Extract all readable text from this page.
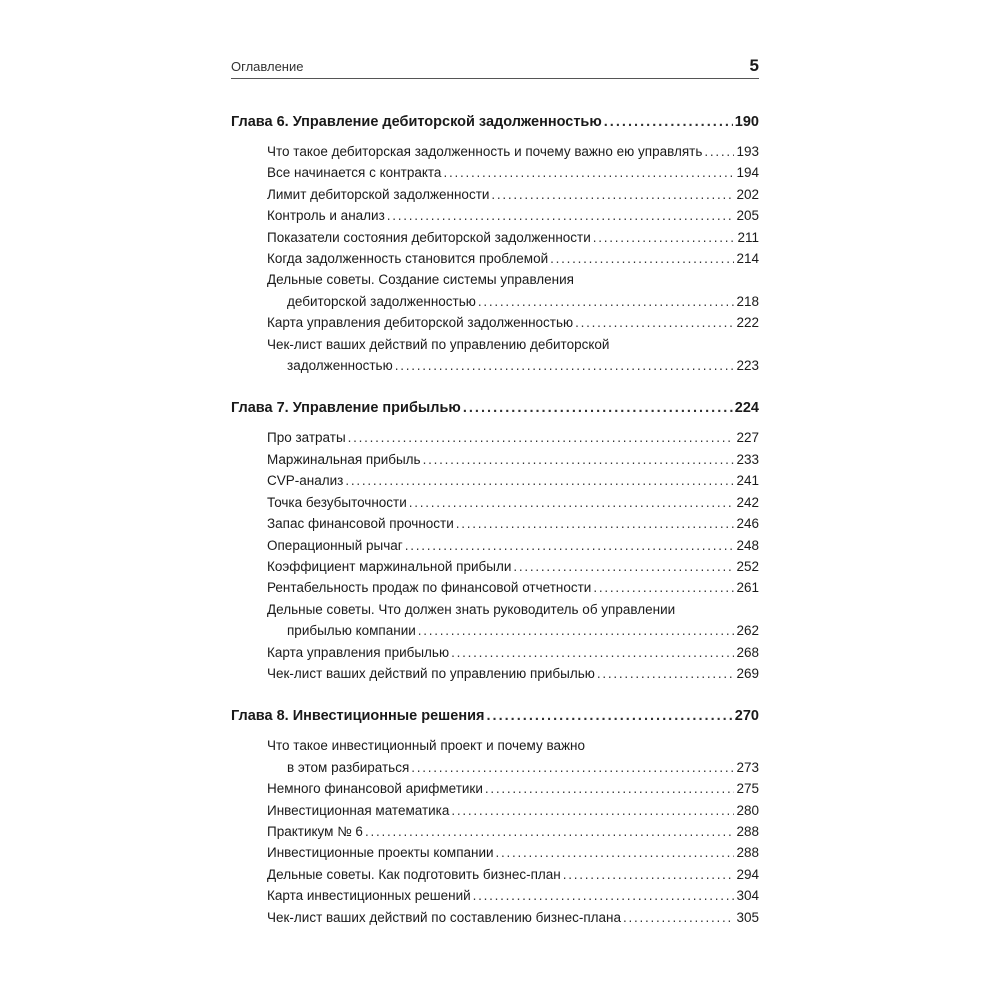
Оглавление	5
Глава 6. Управление дебиторской задолженностью . . .	190
Что такое дебиторская задолженность и почему важно ею управлять . . .	193
Все начинается с контракта . . .	194
Лимит дебиторской задолженности . . .	202
Контроль и анализ . . .	205
Показатели состояния дебиторской задолженности . . .	211
Когда задолженность становится проблемой . . .	214
Дельные советы. Создание системы управления
дебиторской задолженностью . . .	218
Карта управления дебиторской задолженностью . . .	222
Чек-лист ваших действий по управлению дебиторской
задолженностью . . .	223
Глава 7. Управление прибылью . . .	224
Про затраты . . .	227
Маржинальная прибыль . . .	233
CVP-анализ . . .	241
Точка безубыточности . . .	242
Запас финансовой прочности . . .	246
Операционный рычаг . . .	248
Коэффициент маржинальной прибыли . . .	252
Рентабельность продаж по финансовой отчетности . . .	261
Дельные советы. Что должен знать руководитель об управлении
прибылью компании . . .	262
Карта управления прибылью . . .	268
Чек-лист ваших действий по управлению прибылью . . .	269
Глава 8. Инвестиционные решения . . .	270
Что такое инвестиционный проект и почему важно
в этом разбираться . . .	273
Немного финансовой арифметики . . .	275
Инвестиционная математика . . .	280
Практикум № 6 . . .	288
Инвестиционные проекты компании . . .	288
Дельные советы. Как подготовить бизнес-план . . .	294
Карта инвестиционных решений . . .	304
Чек-лист ваших действий по составлению бизнес-плана . . .	305
